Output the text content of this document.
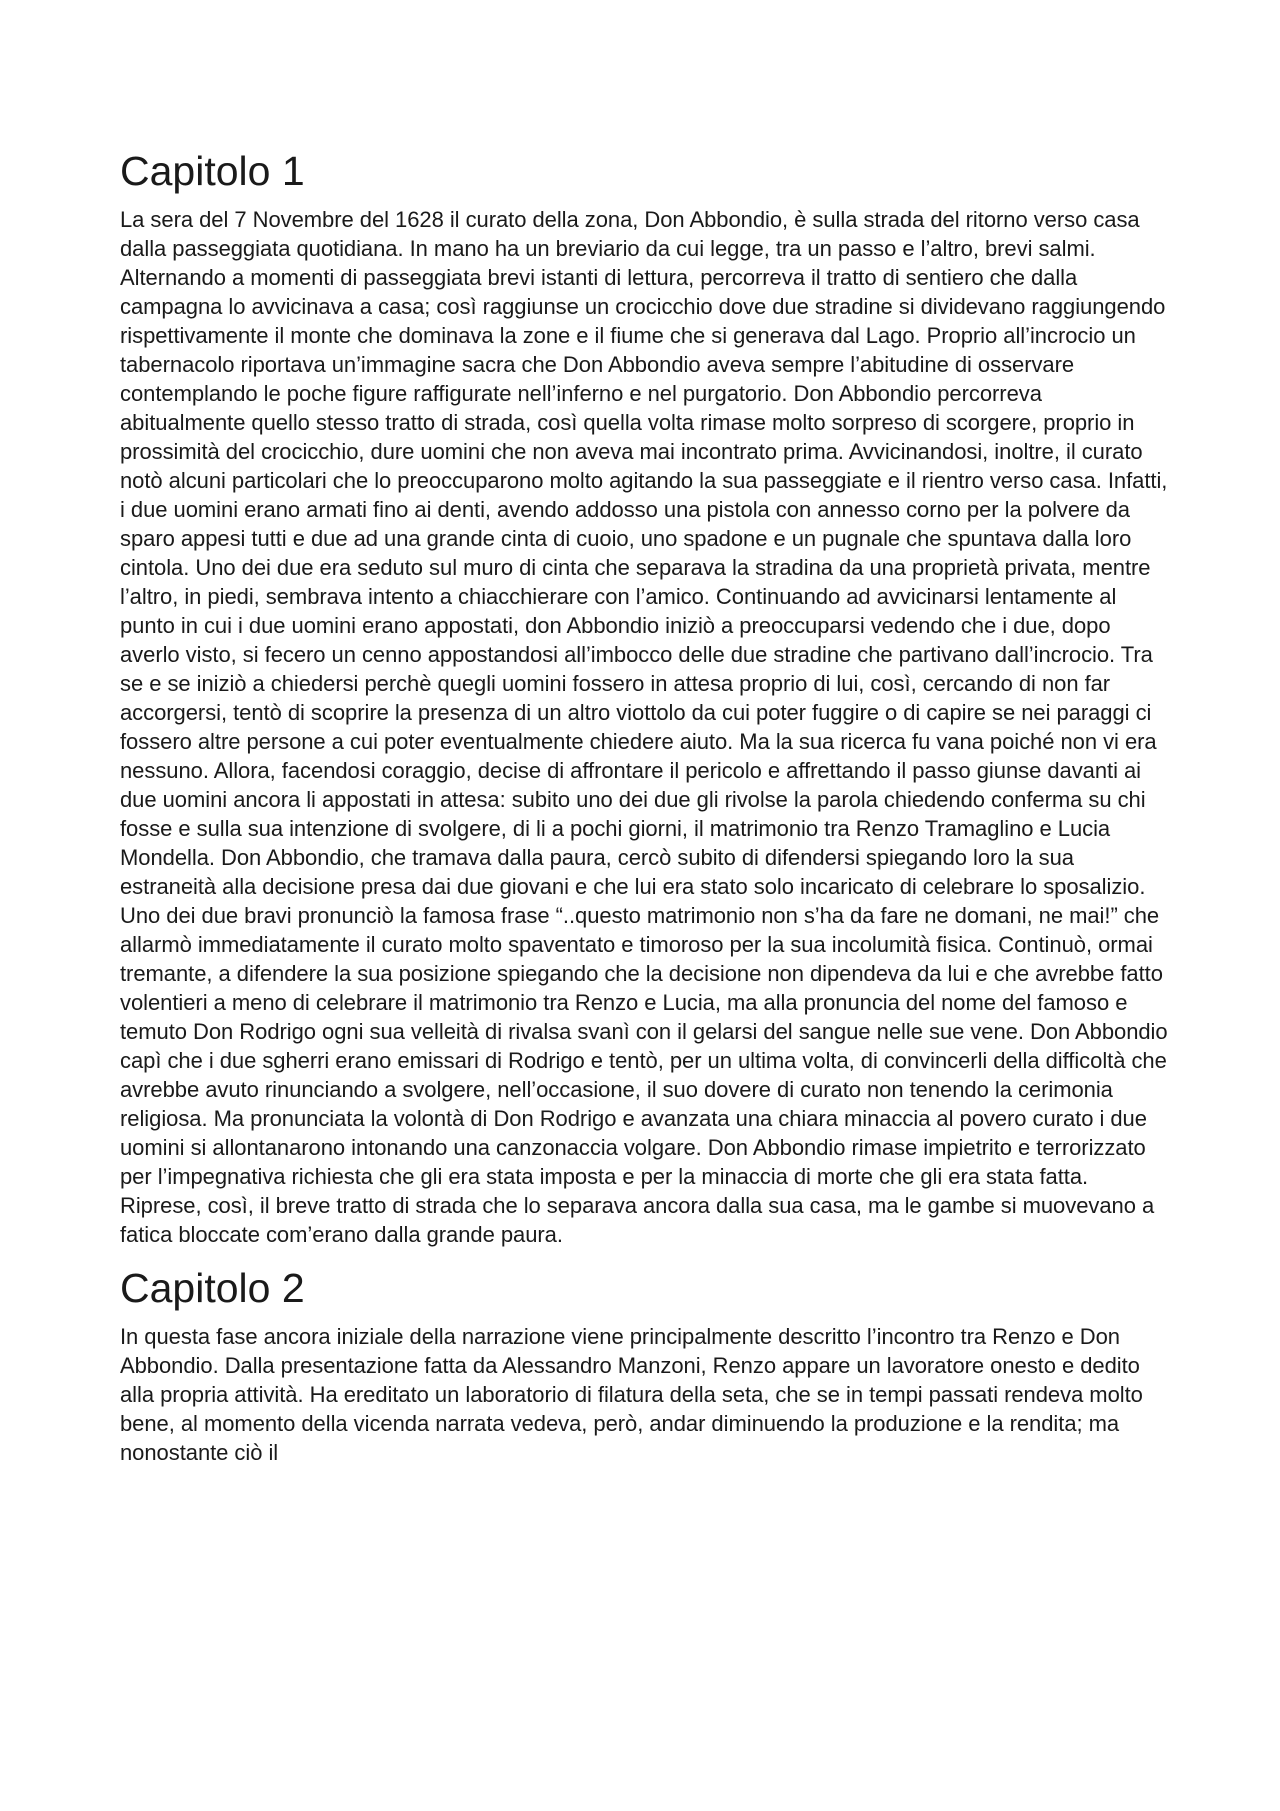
Capitolo 1

La sera del 7 Novembre del 1628 il curato della zona, Don Abbondio, è sulla strada del ritorno verso casa dalla passeggiata quotidiana. In mano ha un breviario da cui legge, tra un passo e l’altro, brevi salmi. Alternando a momenti di passeggiata brevi istanti di lettura, percorreva il tratto di sentiero che dalla campagna lo avvicinava a casa; così raggiunse un crocicchio dove due stradine si dividevano raggiungendo rispettivamente il monte che dominava la zone e il fiume che si generava dal Lago. Proprio all’incrocio un tabernacolo riportava un’immagine sacra che Don Abbondio aveva sempre l’abitudine di osservare contemplando le poche figure raffigurate nell’inferno e nel purgatorio. Don Abbondio percorreva abitualmente quello stesso tratto di strada, così quella volta rimase molto sorpreso di scorgere, proprio in prossimità del crocicchio, dure uomini che non aveva mai incontrato prima. Avvicinandosi, inoltre, il curato notò alcuni particolari che lo preoccuparono molto agitando la sua passeggiate e il rientro verso casa. Infatti, i due uomini erano armati fino ai denti, avendo addosso una pistola con annesso corno per la polvere da sparo appesi tutti e due ad una grande cinta di cuoio, uno spadone e un pugnale che spuntava dalla loro cintola. Uno dei due era seduto sul muro di cinta che separava la stradina da una proprietà privata, mentre l’altro, in piedi, sembrava intento a chiacchierare con l’amico. Continuando ad avvicinarsi lentamente al punto in cui i due uomini erano appostati, don Abbondio iniziò a preoccuparsi vedendo che i due, dopo averlo visto, si fecero un cenno appostandosi all’imbocco delle due stradine che partivano dall’incrocio. Tra se e se iniziò a chiedersi perchè quegli uomini fossero in attesa proprio di lui, così, cercando di non far accorgersi, tentò di scoprire la presenza di un altro viottolo da cui poter fuggire o di capire se nei paraggi ci fossero altre persone a cui poter eventualmente chiedere aiuto. Ma la sua ricerca fu vana poiché non vi era nessuno. Allora, facendosi coraggio, decise di affrontare il pericolo e affrettando il passo giunse davanti ai due uomini ancora li appostati in attesa: subito uno dei due gli rivolse la parola chiedendo conferma su chi fosse e sulla sua intenzione di svolgere, di li a pochi giorni, il matrimonio tra Renzo Tramaglino e Lucia Mondella. Don Abbondio, che tramava dalla paura, cercò subito di difendersi spiegando loro la sua estraneità alla decisione presa dai due giovani e che lui era stato solo incaricato di celebrare lo sposalizio. Uno dei due bravi pronunciò la famosa frase “..questo matrimonio non s’ha da fare ne domani, ne mai!” che allarmò immediatamente il curato molto spaventato e timoroso per la sua incolumità fisica. Continuò, ormai tremante, a difendere la sua posizione spiegando che la decisione non dipendeva da lui e che avrebbe fatto volentieri a meno di celebrare il matrimonio tra Renzo e Lucia, ma alla pronuncia del nome del famoso e temuto Don Rodrigo ogni sua velleità di rivalsa svanì con il gelarsi del sangue nelle sue vene. Don Abbondio capì che i due sgherri erano emissari di Rodrigo e tentò, per un ultima volta, di convincerli della difficoltà che avrebbe avuto rinunciando a svolgere, nell’occasione, il suo dovere di curato non tenendo la cerimonia religiosa. Ma pronunciata la volontà di Don Rodrigo e avanzata una chiara minaccia al povero curato i due uomini si allontanarono intonando una canzonaccia volgare. Don Abbondio rimase impietrito e terrorizzato per l’impegnativa richiesta che gli era stata imposta e per la minaccia di morte che gli era stata fatta. Riprese, così, il breve tratto di strada che lo separava ancora dalla sua casa, ma le gambe si muovevano a fatica bloccate com’erano dalla grande paura.

Capitolo 2

In questa fase ancora iniziale della narrazione viene principalmente descritto l’incontro tra Renzo e Don Abbondio. Dalla presentazione fatta da Alessandro Manzoni, Renzo appare un lavoratore onesto e dedito alla propria attività. Ha ereditato un laboratorio di filatura della seta, che se in tempi passati rendeva molto bene, al momento della vicenda narrata vedeva, però, andar diminuendo la produzione e la rendita; ma nonostante ciò il
